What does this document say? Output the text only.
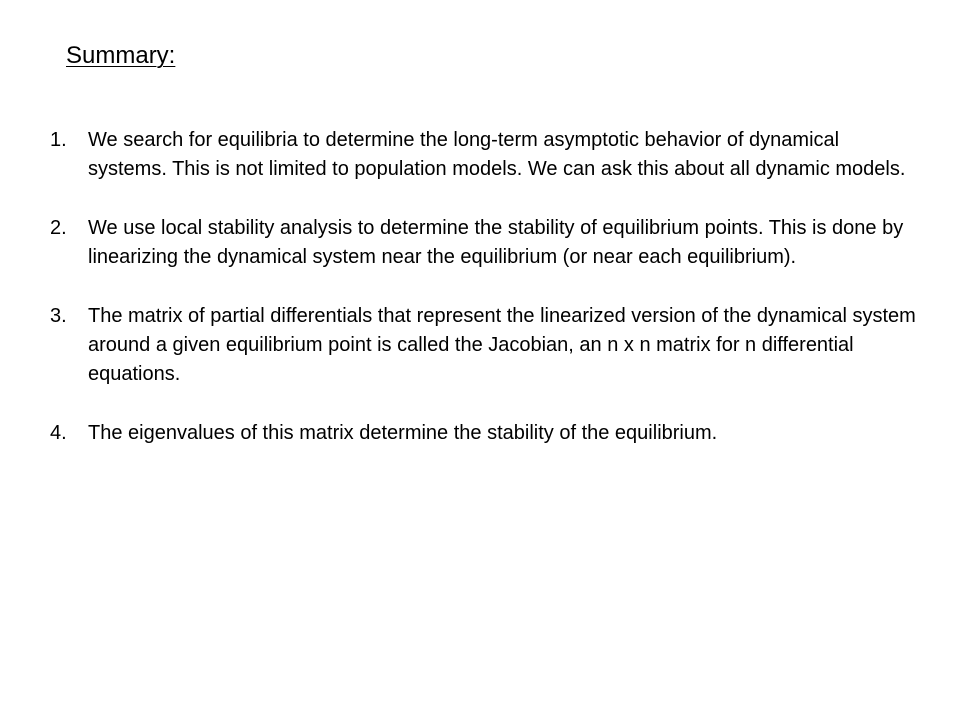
Summary:
1.	We search for equilibria to determine the long-term asymptotic behavior of dynamical systems. This is not limited to population models. We can ask this about all dynamic models.
2.	We use local stability analysis to determine the stability of equilibrium points. This is done by linearizing the dynamical system near the equilibrium (or near each equilibrium).
3.	The matrix of partial differentials that represent the linearized version of the dynamical system around a given equilibrium point is called the Jacobian, an n x n matrix for n differential equations.
4.	The eigenvalues of this matrix determine the stability of the equilibrium.
